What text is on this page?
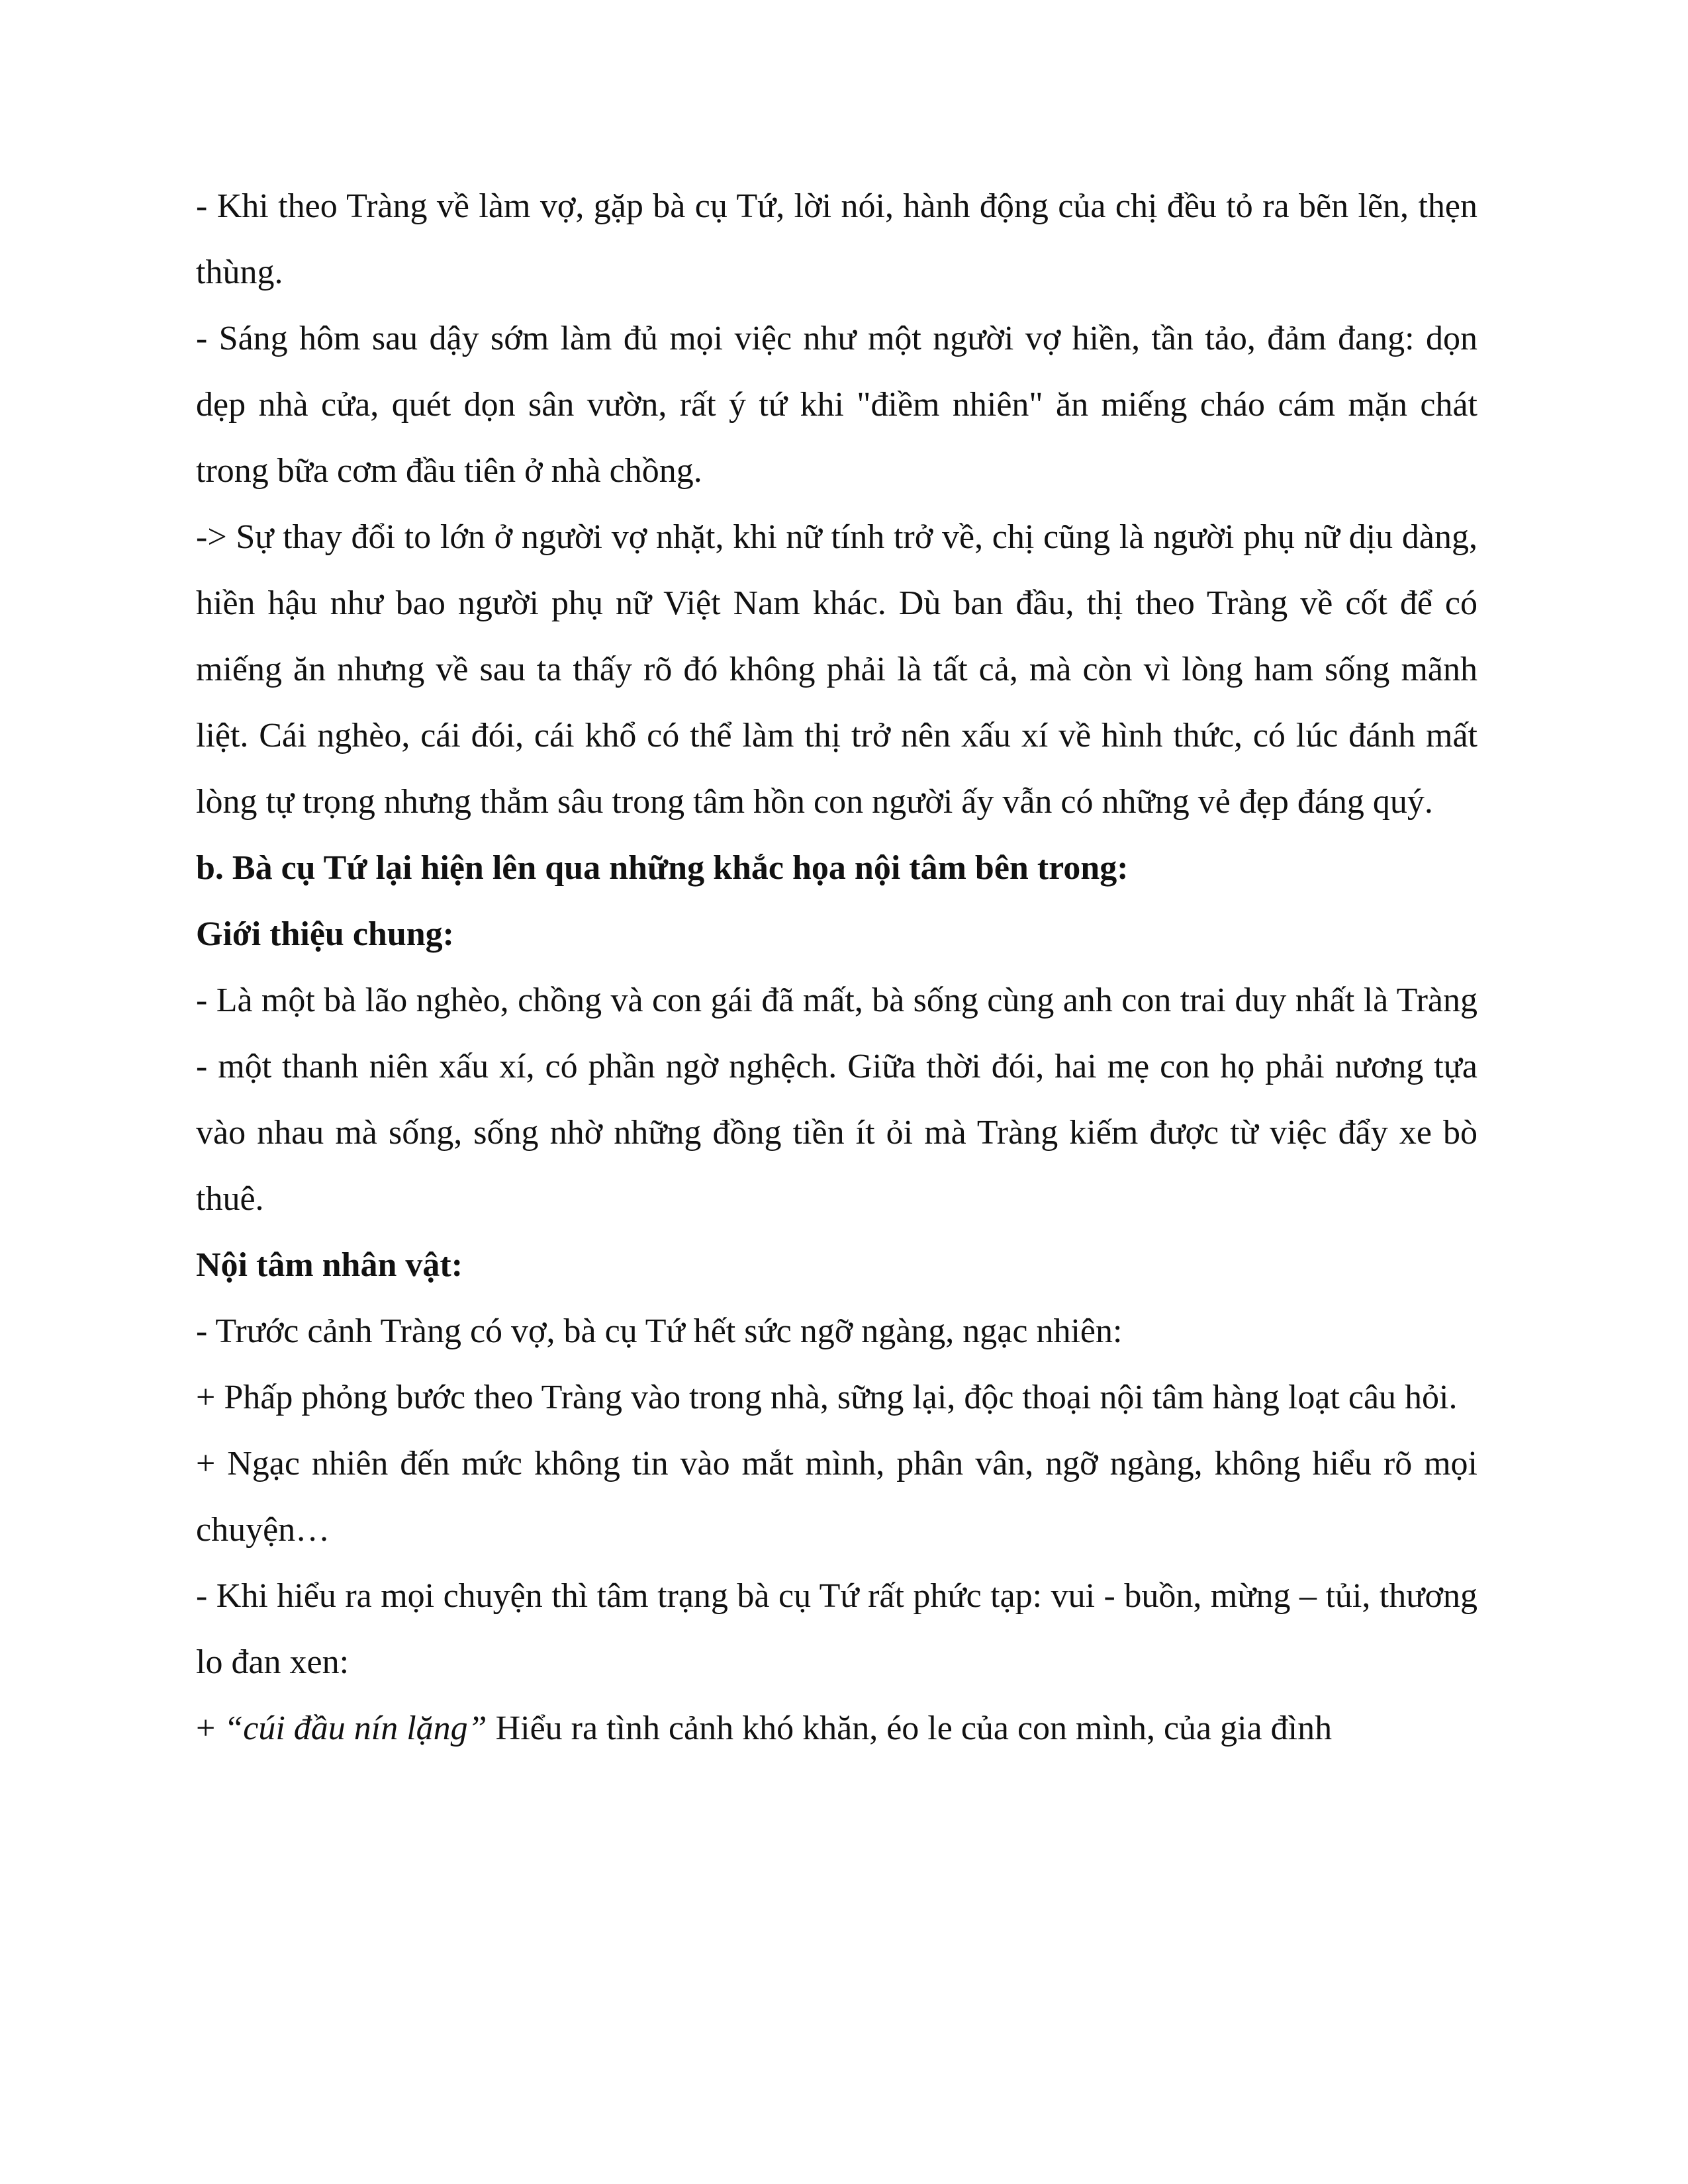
- Khi theo Tràng về làm vợ, gặp bà cụ Tứ, lời nói, hành động của chị đều tỏ ra bẽn lẽn, thẹn thùng.

- Sáng hôm sau dậy sớm làm đủ mọi việc như một người vợ hiền, tần tảo, đảm đang: dọn dẹp nhà cửa, quét dọn sân vườn, rất ý tứ khi "điềm nhiên" ăn miếng cháo cám mặn chát trong bữa cơm đầu tiên ở nhà chồng.

-> Sự thay đổi to lớn ở người vợ nhặt, khi nữ tính trở về, chị cũng là người phụ nữ dịu dàng, hiền hậu như bao người phụ nữ Việt Nam khác. Dù ban đầu, thị theo Tràng về cốt để có miếng ăn nhưng về sau ta thấy rõ đó không phải là tất cả, mà còn vì lòng ham sống mãnh liệt. Cái nghèo, cái đói, cái khổ có thể làm thị trở nên xấu xí về hình thức, có lúc đánh mất lòng tự trọng nhưng thẳm sâu trong tâm hồn con người ấy vẫn có những vẻ đẹp đáng quý.

b. Bà cụ Tứ lại hiện lên qua những khắc họa nội tâm bên trong:

Giới thiệu chung:

- Là một bà lão nghèo, chồng và con gái đã mất, bà sống cùng anh con trai duy nhất là Tràng - một thanh niên xấu xí, có phần ngờ nghệch. Giữa thời đói, hai mẹ con họ phải nương tựa vào nhau mà sống, sống nhờ những đồng tiền ít ỏi mà Tràng kiếm được từ việc đẩy xe bò thuê.

Nội tâm nhân vật:

- Trước cảnh Tràng có vợ, bà cụ Tứ hết sức ngỡ ngàng, ngạc nhiên:

+ Phấp phỏng bước theo Tràng vào trong nhà, sững lại, độc thoại nội tâm hàng loạt câu hỏi.

+ Ngạc nhiên đến mức không tin vào mắt mình, phân vân, ngỡ ngàng, không hiểu rõ mọi chuyện…

- Khi hiểu ra mọi chuyện thì tâm trạng bà cụ Tứ rất phức tạp: vui - buồn, mừng – tủi, thương lo đan xen:

+ “cúi đầu nín lặng” Hiểu ra tình cảnh khó khăn, éo le của con mình, của gia đình
